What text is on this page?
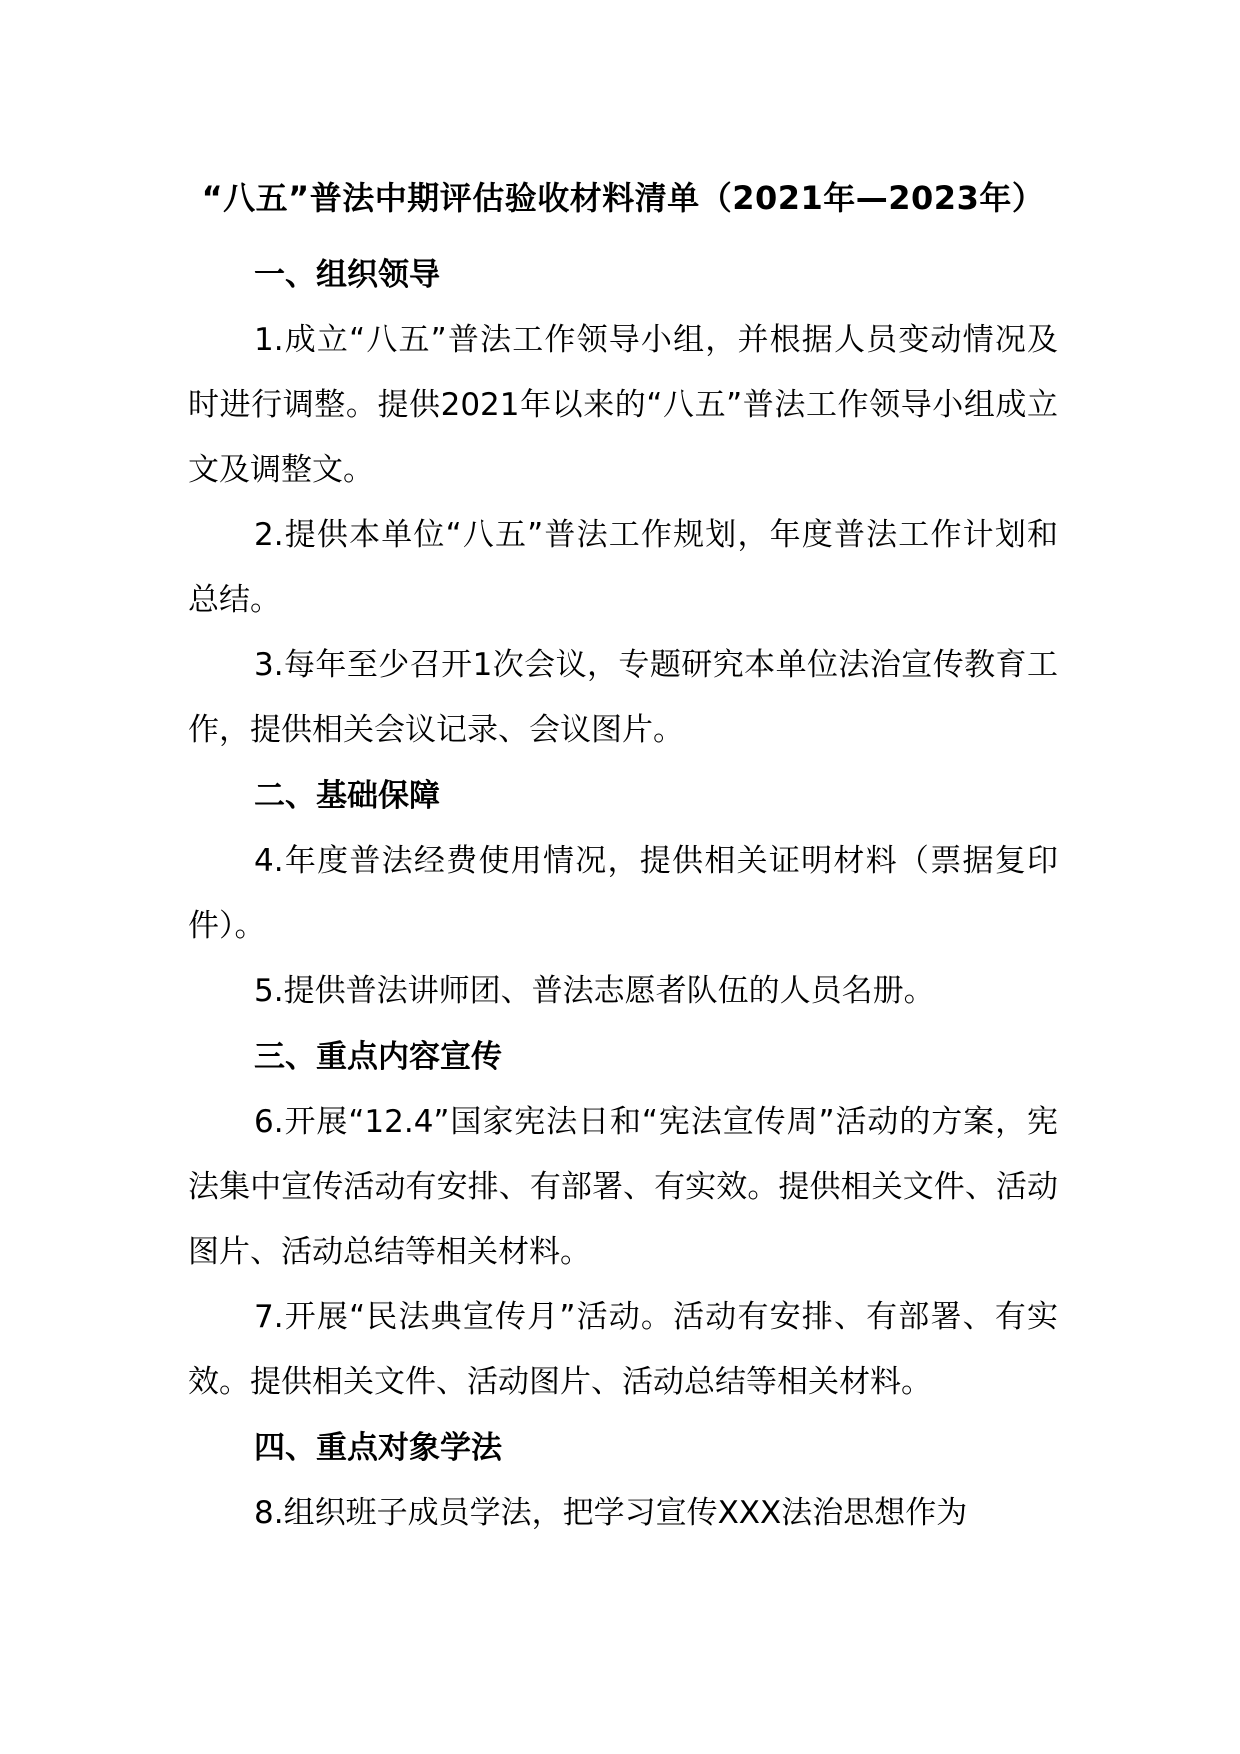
“八五”普法中期评估验收材料清单（2021年—2023年）

一、组织领导

1.成立“八五”普法工作领导小组，并根据人员变动情况及时进行调整。提供2021年以来的“八五”普法工作领导小组成立文及调整文。

2.提供本单位“八五”普法工作规划，年度普法工作计划和总结。

3.每年至少召开1次会议，专题研究本单位法治宣传教育工作，提供相关会议记录、会议图片。

二、基础保障

4.年度普法经费使用情况，提供相关证明材料（票据复印件）。

5.提供普法讲师团、普法志愿者队伍的人员名册。

三、重点内容宣传

6.开展“12.4”国家宪法日和“宪法宣传周”活动的方案，宪法集中宣传活动有安排、有部署、有实效。提供相关文件、活动图片、活动总结等相关材料。

7.开展“民法典宣传月”活动。活动有安排、有部署、有实效。提供相关文件、活动图片、活动总结等相关材料。

四、重点对象学法

8.组织班子成员学法，把学习宣传XXX法治思想作为
